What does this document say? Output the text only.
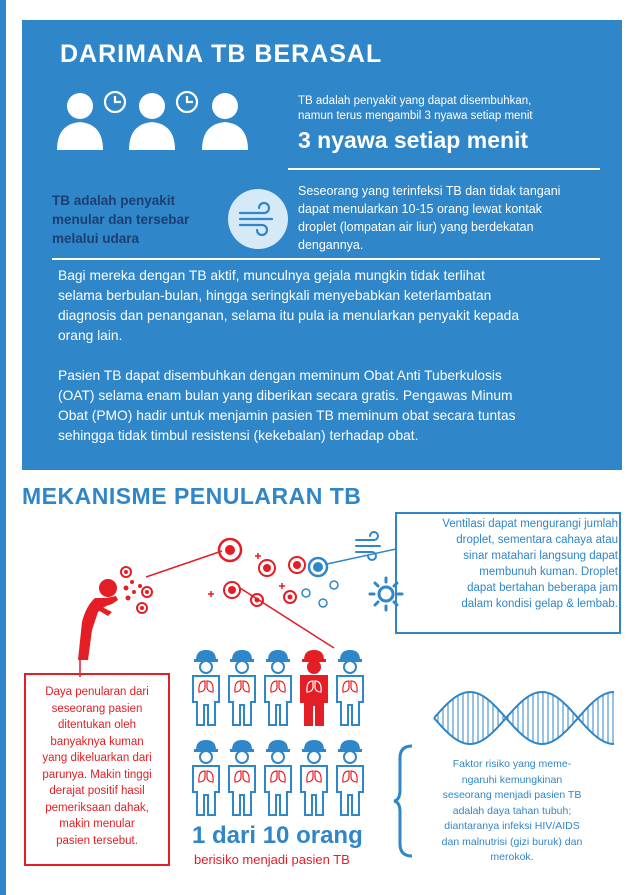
DARIMANA TB BERASAL
TB adalah penyakit yang dapat disembuhkan,
namun terus mengambil 3 nyawa setiap menit
3 nyawa setiap menit
TB adalah penyakit
menular dan tersebar
melalui udara
Seseorang yang terinfeksi TB dan tidak tangani
dapat menularkan 10-15 orang lewat kontak
droplet (lompatan air liur) yang berdekatan
dengannya.
Bagi mereka dengan TB aktif, munculnya gejala mungkin tidak terlihat
selama berbulan-bulan, hingga seringkali menyebabkan keterlambatan
diagnosis dan penanganan, selama itu pula ia menularkan penyakit kepada
orang lain.
Pasien TB dapat disembuhkan dengan meminum Obat Anti Tuberkulosis
(OAT) selama enam bulan yang diberikan secara gratis. Pengawas Minum
Obat (PMO) hadir untuk menjamin pasien TB meminum obat secara tuntas
sehingga tidak timbul resistensi (kekebalan) terhadap obat.
MEKANISME PENULARAN TB
Ventilasi dapat mengurangi jumlah
droplet, sementara cahaya atau
sinar matahari langsung dapat
membunuh kuman. Droplet
dapat bertahan beberapa jam
dalam kondisi gelap & lembab.
Daya penularan dari
seseorang pasien
ditentukan oleh
banyaknya kuman
yang dikeluarkan dari
parunya. Makin tinggi
derajat positif hasil
pemeriksaan dahak,
makin menular
pasien tersebut.	1 dari 10 orang
berisiko menjadi pasien TB
Faktor risiko yang meme-
ngaruhi kemungkinan
seseorang menjadi pasien TB
adalah daya tahan tubuh;
diantaranya infeksi HIV/AIDS
dan malnutrisi (gizi buruk) dan
merokok.
